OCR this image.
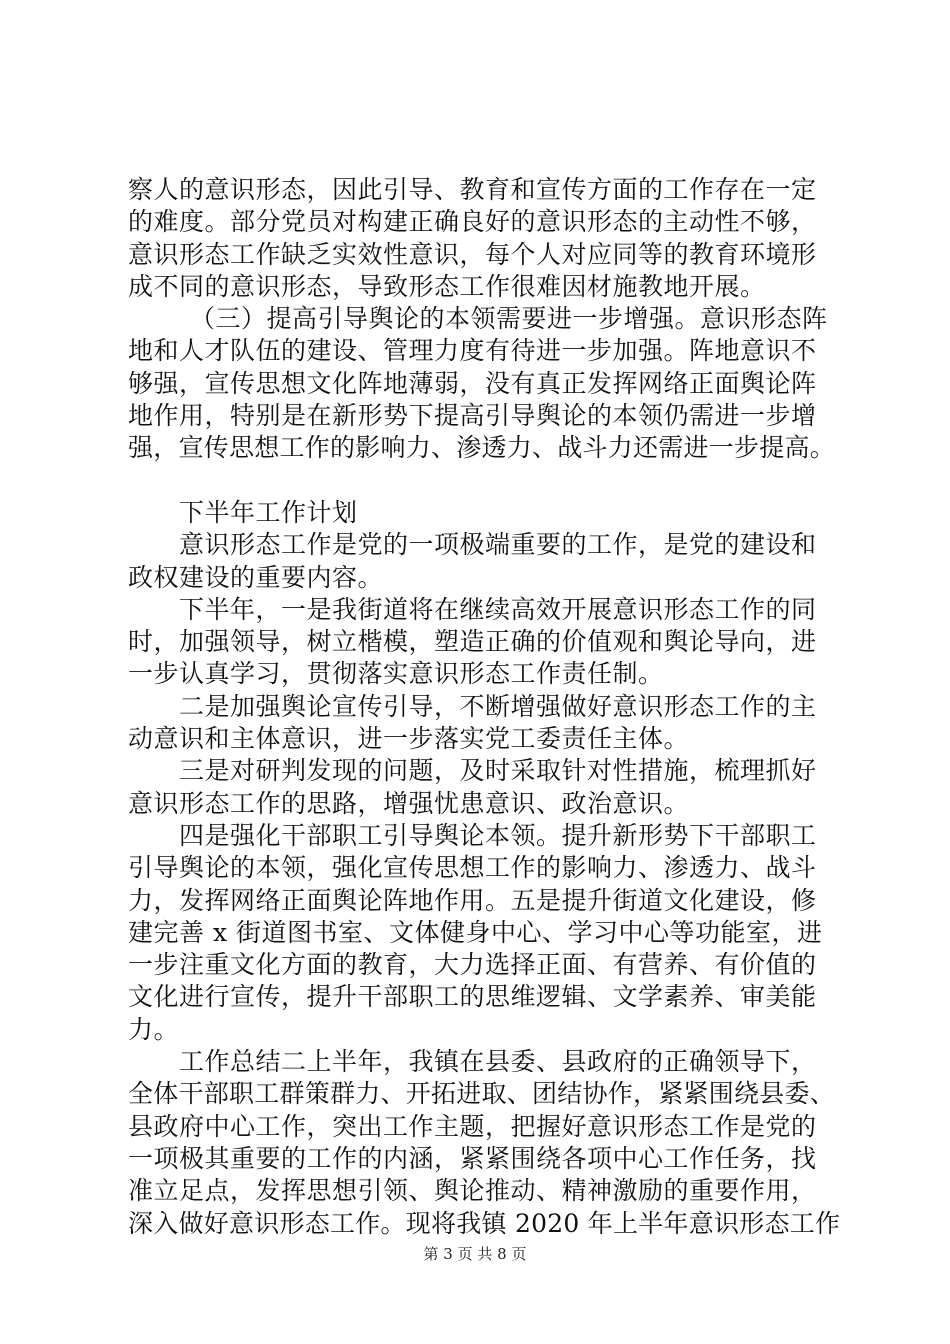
察人的意识形态，因此引导、教育和宣传方面的工作存在一定
的难度。部分党员对构建正确良好的意识形态的主动性不够，
意识形态工作缺乏实效性意识，每个人对应同等的教育环境形
成不同的意识形态，导致形态工作很难因材施教地开展。
（三）提高引导舆论的本领需要进一步增强。意识形态阵
地和人才队伍的建设、管理力度有待进一步加强。阵地意识不
够强，宣传思想文化阵地薄弱，没有真正发挥网络正面舆论阵
地作用，特别是在新形势下提高引导舆论的本领仍需进一步增
强，宣传思想工作的影响力、渗透力、战斗力还需进一步提高。
下半年工作计划
意识形态工作是党的一项极端重要的工作，是党的建设和
政权建设的重要内容。
下半年，一是我街道将在继续高效开展意识形态工作的同
时，加强领导，树立楷模，塑造正确的价值观和舆论导向，进
一步认真学习，贯彻落实意识形态工作责任制。
二是加强舆论宣传引导，不断增强做好意识形态工作的主
动意识和主体意识，进一步落实党工委责任主体。
三是对研判发现的问题，及时采取针对性措施，梳理抓好
意识形态工作的思路，增强忧患意识、政治意识。
四是强化干部职工引导舆论本领。提升新形势下干部职工
引导舆论的本领，强化宣传思想工作的影响力、渗透力、战斗
力，发挥网络正面舆论阵地作用。五是提升街道文化建设，修
建完善 x 街道图书室、文体健身中心、学习中心等功能室，进
一步注重文化方面的教育，大力选择正面、有营养、有价值的
文化进行宣传，提升干部职工的思维逻辑、文学素养、审美能
力。
工作总结二上半年，我镇在县委、县政府的正确领导下，
全体干部职工群策群力、开拓进取、团结协作，紧紧围绕县委、
县政府中心工作，突出工作主题，把握好意识形态工作是党的
一项极其重要的工作的内涵，紧紧围绕各项中心工作任务，找
准立足点，发挥思想引领、舆论推动、精神激励的重要作用，
深入做好意识形态工作。现将我镇 2020 年上半年意识形态工作
第 3 页 共 8 页
